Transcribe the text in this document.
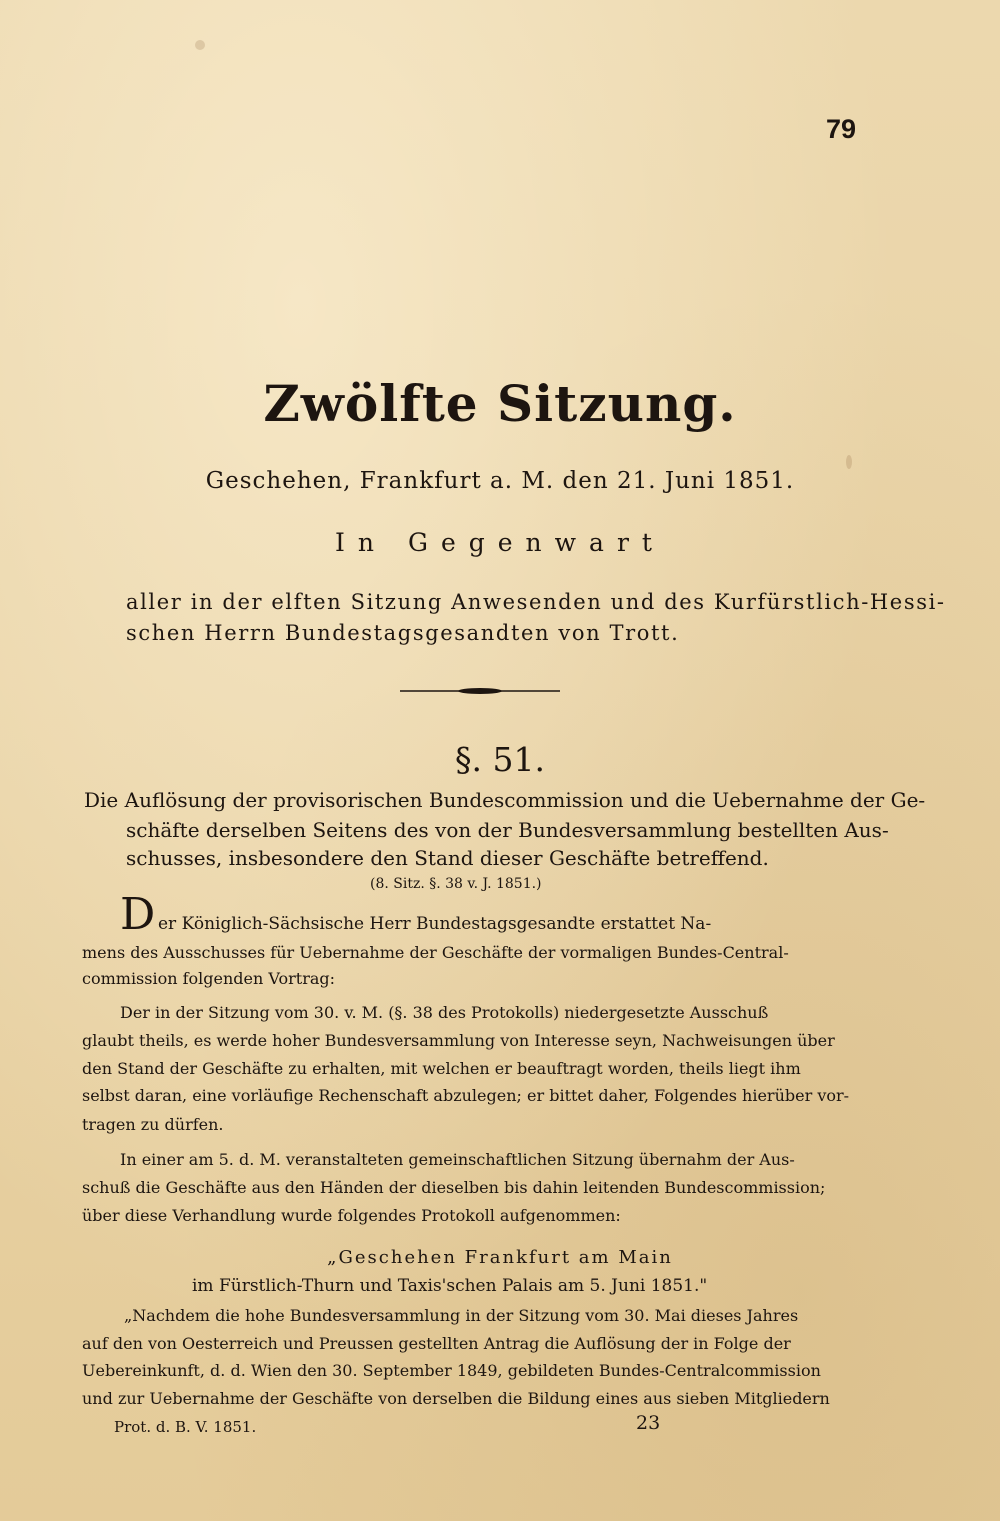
79
Zwölfte Sitzung.
Geschehen, Frankfurt a. M. den 21. Juni 1851.
In Gegenwart
aller in der elften Sitzung Anwesenden und des Kurfürstlich-Hessi-
schen Herrn Bundestagsgesandten von Trott.
§. 51.
Die Auflösung der provisorischen Bundescommission und die Uebernahme der Ge-
schäfte derselben Seitens des von der Bundesversammlung bestellten Aus-
schusses, insbesondere den Stand dieser Geschäfte betreffend.
(8. Sitz. §. 38 v. J. 1851.)
D er Königlich-Sächsische Herr Bundestagsgesandte erstattet Na-
mens des Ausschusses für Uebernahme der Geschäfte der vormaligen Bundes-Central-
commission folgenden Vortrag:
Der in der Sitzung vom 30. v. M. (§. 38 des Protokolls) niedergesetzte Ausschuß
glaubt theils, es werde hoher Bundesversammlung von Interesse seyn, Nachweisungen über
den Stand der Geschäfte zu erhalten, mit welchen er beauftragt worden, theils liegt ihm
selbst daran, eine vorläufige Rechenschaft abzulegen; er bittet daher, Folgendes hierüber vor-
tragen zu dürfen.
In einer am 5. d. M. veranstalteten gemeinschaftlichen Sitzung übernahm der Aus-
schuß die Geschäfte aus den Händen der dieselben bis dahin leitenden Bundescommission;
über diese Verhandlung wurde folgendes Protokoll aufgenommen:
„Geschehen Frankfurt am Main
im Fürstlich-Thurn und Taxis'schen Palais am 5. Juni 1851."
„Nachdem die hohe Bundesversammlung in der Sitzung vom 30. Mai dieses Jahres
auf den von Oesterreich und Preussen gestellten Antrag die Auflösung der in Folge der
Uebereinkunft, d. d. Wien den 30. September 1849, gebildeten Bundes-Centralcommission
und zur Uebernahme der Geschäfte von derselben die Bildung eines aus sieben Mitgliedern
Prot. d. B. V. 1851.	23
